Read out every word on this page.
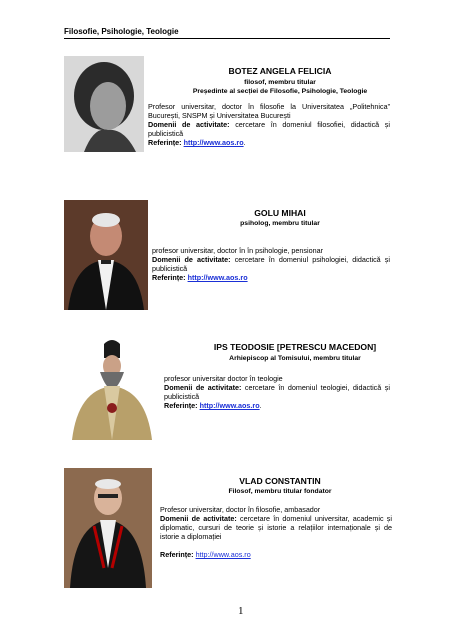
Filosofie, Psihologie, Teologie
BOTEZ ANGELA FELICIA
filosof, membru titular
Președinte al secției de Filosofie, Psihologie, Teologie

Profesor universitar, doctor în filosofie la Universitatea „Politehnica” București, SNSPM și Universitatea București

Domenii de activitate: cercetare în domeniul filosofiei, didactică și publicistică

Referințe: http://www.aos.ro.

GOLU MIHAI
psiholog, membru titular

profesor universitar, doctor în în psihologie, pensionar

Domenii de activitate: cercetare în domeniul psihologiei, didactică și publicistică

Referințe: http://www.aos.ro

IPS TEODOSIE [PETRESCU MACEDON]
Arhiepiscop al Tomisului, membru titular

profesor universitar doctor în teologie

Domenii de activitate: cercetare în domeniul teologiei, didactică și publicistică

Referințe: http://www.aos.ro.

VLAD CONSTANTIN
Filosof, membru titular fondator

Profesor universitar, doctor în filosofie, ambasador

Domenii de activitate: cercetare în domeniul universitar, academic și diplomatic, cursuri de teorie și istorie a relațiilor internaționale și de istorie a diplomației

Referințe: http://www.aos.ro

1
